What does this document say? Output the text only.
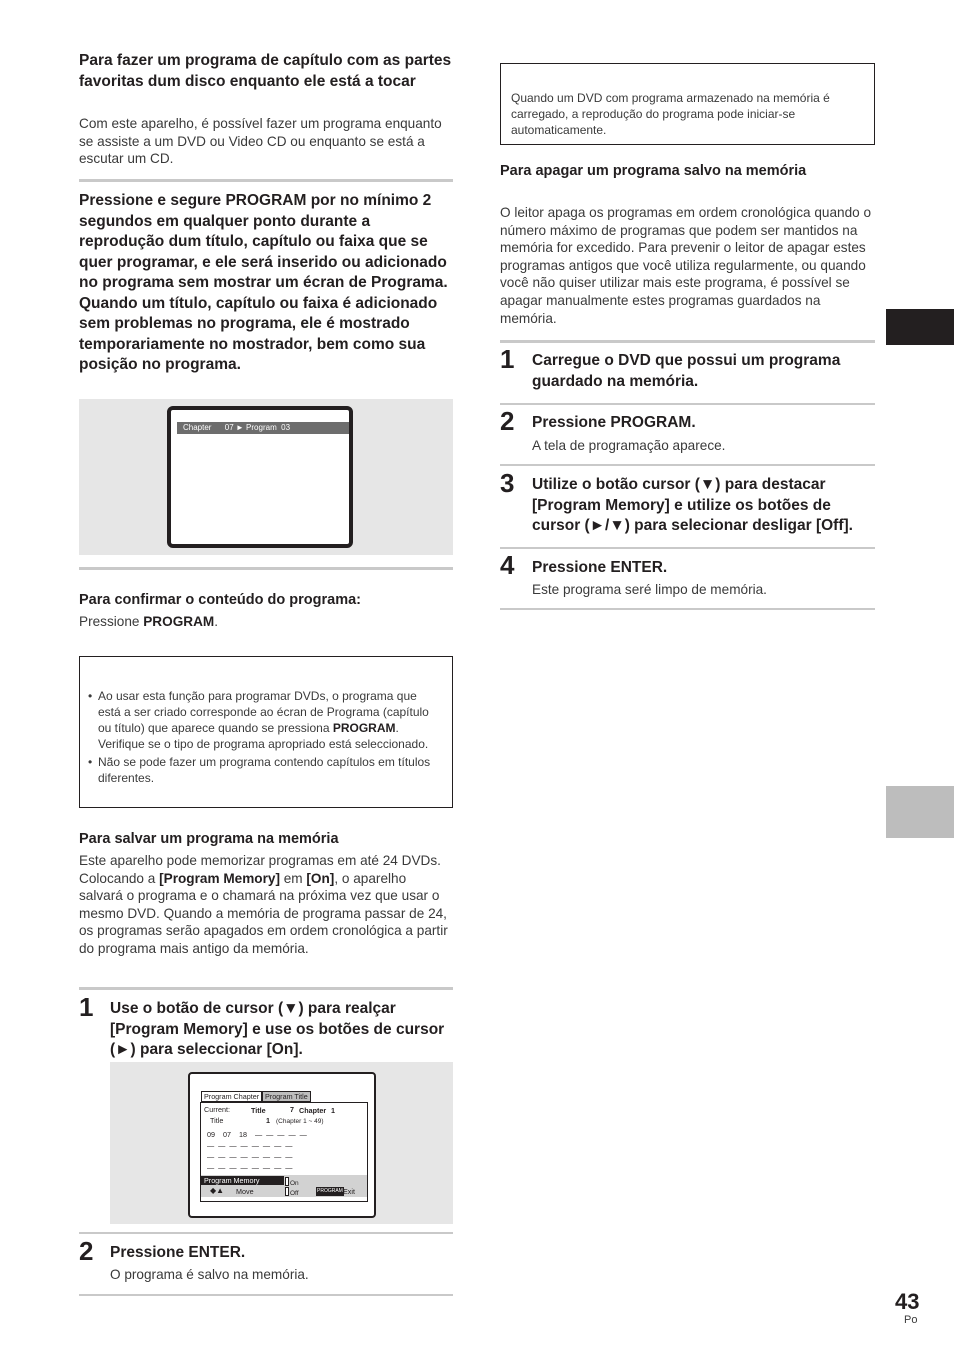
Para fazer um programa de capítulo com as partes favoritas dum disco enquanto ele está a tocar
Com este aparelho, é possível fazer um programa enquanto se assiste a um DVD ou Video CD ou enquanto se está a escutar um CD.
Pressione e segure PROGRAM por no mínimo 2 segundos em qualquer ponto durante a reprodução dum título, capítulo ou faixa que se quer programar, e ele será inserido ou adicionado no programa sem mostrar um écran de Programa. Quando um título, capítulo ou faixa é adicionado sem problemas no programa, ele é mostrado temporariamente no mostrador, bem como sua posição no programa.
Chapter      07 ► Program  03
Para confirmar o conteúdo do programa:
Pressione PROGRAM.
• Ao usar esta função para programar DVDs, o programa que está a ser criado corresponde ao écran de Programa (capítulo ou título) que aparece quando se pressiona PROGRAM. Verifique se o tipo de programa apropriado está seleccionado.
• Não se pode fazer um programa contendo capítulos em títulos diferentes.
Para salvar um programa na memória
Este aparelho pode memorizar programas em até 24 DVDs. Colocando a [Program Memory] em [On], o aparelho salvará o programa e o chamará na próxima vez que usar o mesmo DVD. Quando a memória de programa passar de 24, os programas serão apagados em ordem cronológica a partir do programa mais antigo da memória.
1 Use o botão de cursor (▼) para realçar [Program Memory] e use os botões de cursor (►) para seleccionar [On].
Program Chapter Program Title
Current:	Title	7 Chapter 1
Title	1 (Chapter 1 ~ 49)
09    07    18    —  —  —  —  —
—  —  —  —  —  —  —  —
—  —  —  —  —  —  —  —
—  —  —  —  —  —  —  —
Program Memory	On
Off
◆▲ Move	PROGRAM Exit
2 Pressione ENTER.
O programa é salvo na memória.
Quando um DVD com programa armazenado na memória é carregado, a reprodução do programa pode iniciar-se automaticamente.
Para apagar um programa salvo na memória
O leitor apaga os programas em ordem cronológica quando o número máximo de programas que podem ser mantidos na memória for excedido. Para prevenir o leitor de apagar estes programas antigos que você utiliza regularmente, ou quando você não quiser utilizar mais este programa, é possível se apagar manualmente estes programas guardados na memória.
1 Carregue o DVD que possui um programa guardado na memória.
2 Pressione PROGRAM.
A tela de programação aparece.
3 Utilize o botão cursor (▼) para destacar [Program Memory] e utilize os botões de cursor (►/▼) para selecionar desligar [Off].
4 Pressione ENTER.
Este programa seré limpo de memória.
43
Po
